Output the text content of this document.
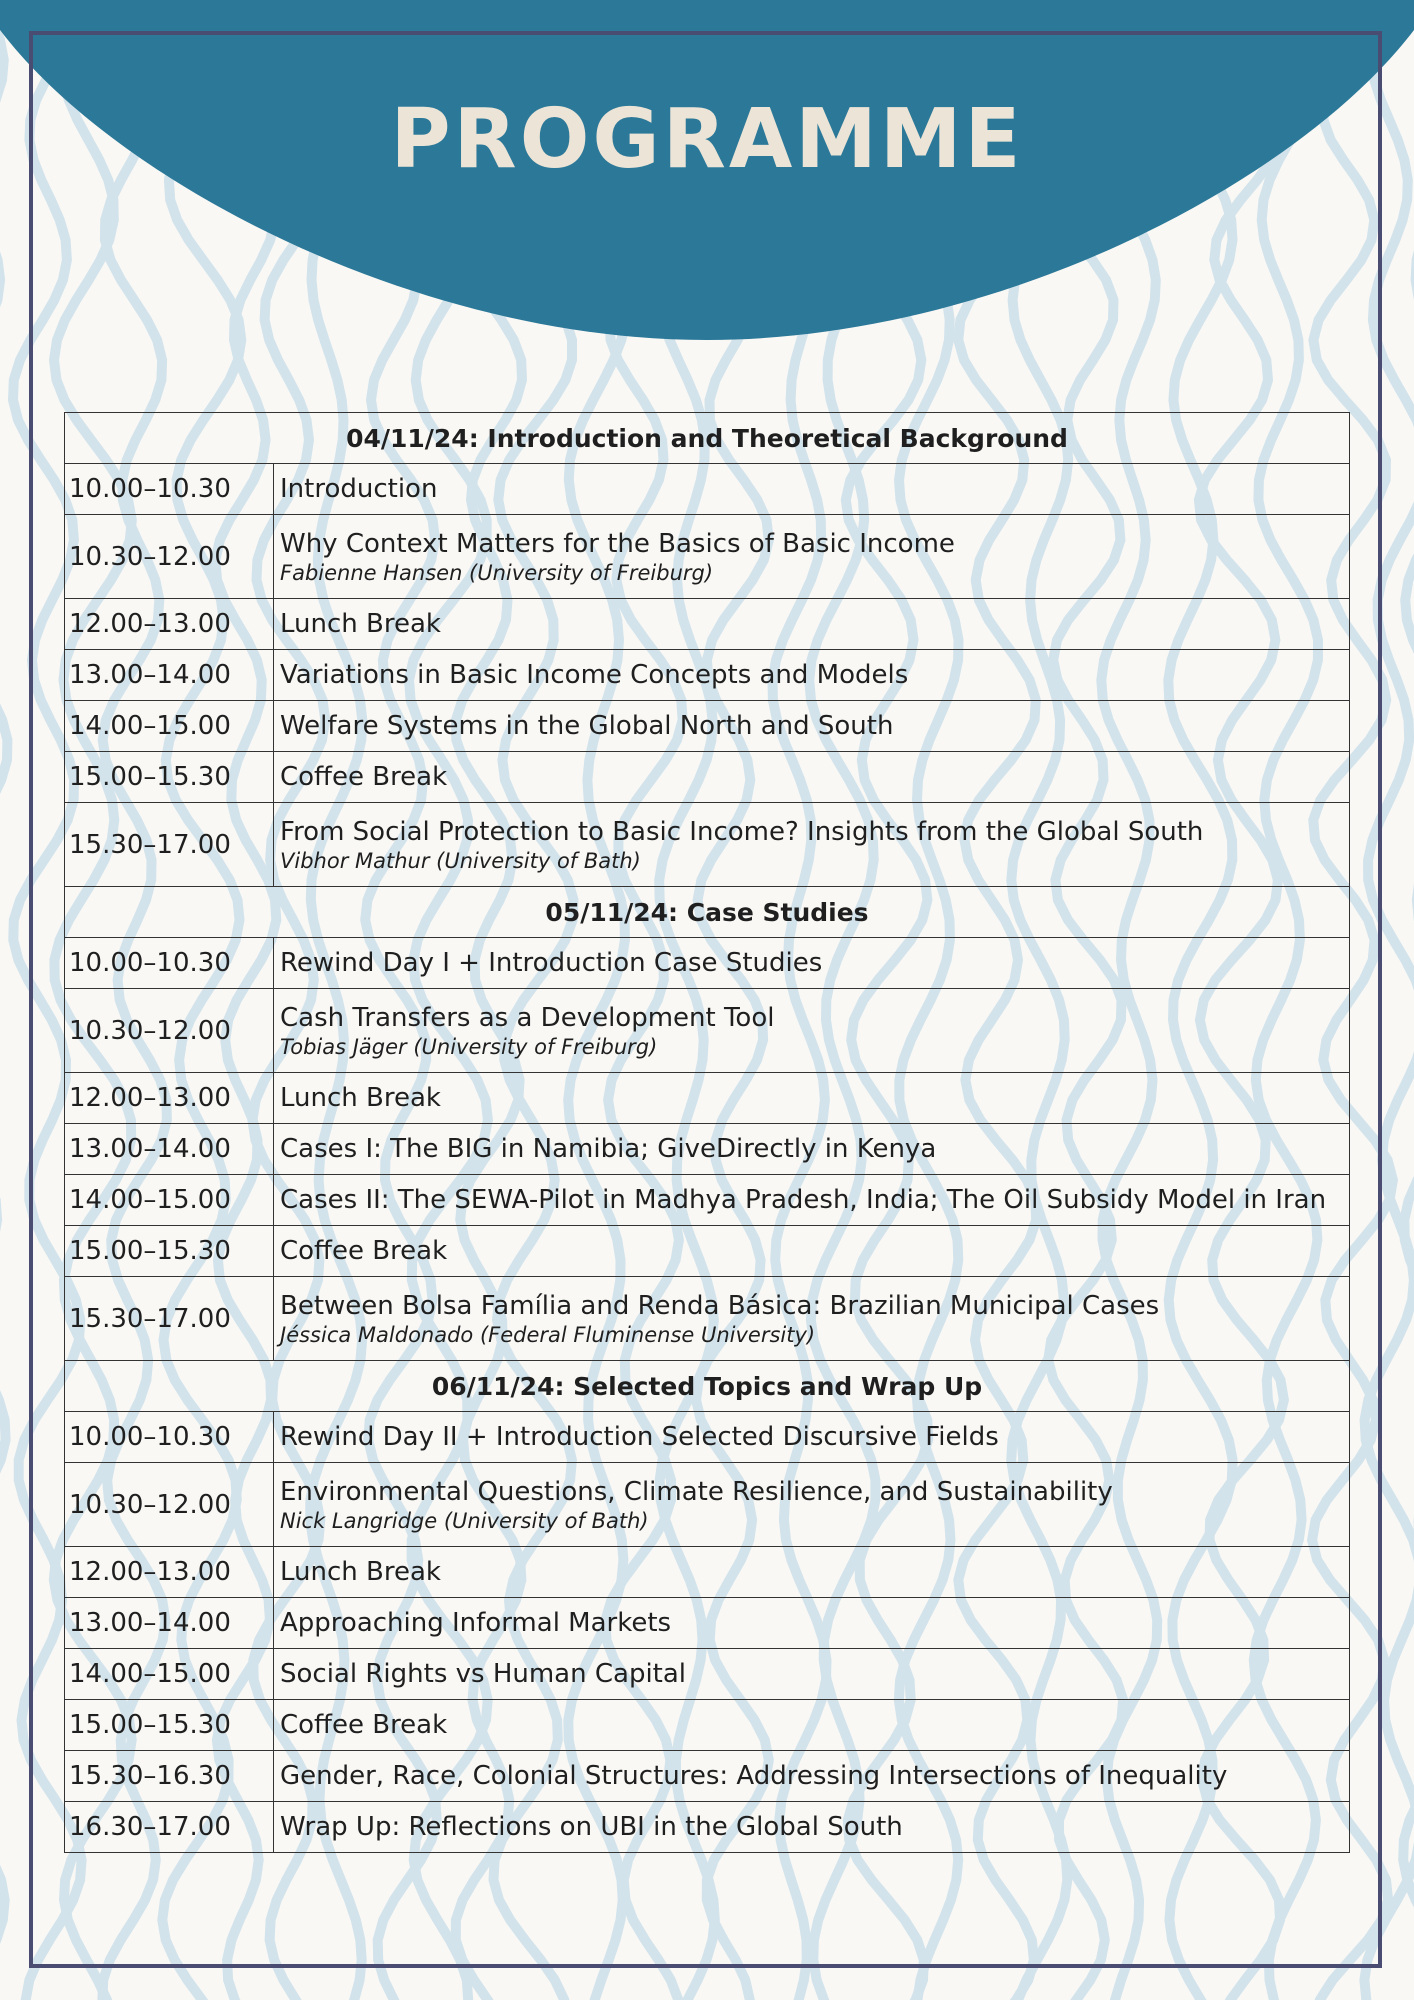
PROGRAMME
04/11/24: Introduction and Theoretical Background	
10.00–10.30	Introduction
10.30–12.00	Why Context Matters for the Basics of Basic Income
Fabienne Hansen (University of Freiburg)

12.00–13.00	Lunch Break
13.00–14.00	Variations in Basic Income Concepts and Models
14.00–15.00	Welfare Systems in the Global North and South
15.00–15.30	Coffee Break
15.30–17.00	From Social Protection to Basic Income? Insights from the Global South
Vibhor Mathur (University of Bath)

05/11/24: Case Studies	
10.00–10.30	Rewind Day I + Introduction Case Studies
10.30–12.00	Cash Transfers as a Development Tool
Tobias Jäger (University of Freiburg)

12.00–13.00	Lunch Break
13.00–14.00	Cases I: The BIG in Namibia; GiveDirectly in Kenya
14.00–15.00	Cases II: The SEWA-Pilot in Madhya Pradesh, India; The Oil Subsidy Model in Iran
15.00–15.30	Coffee Break
15.30–17.00	Between Bolsa Família and Renda Básica: Brazilian Municipal Cases
Jéssica Maldonado (Federal Fluminense University)

06/11/24: Selected Topics and Wrap Up	
10.00–10.30	Rewind Day II + Introduction Selected Discursive Fields
10.30–12.00	Environmental Questions, Climate Resilience, and Sustainability
Nick Langridge (University of Bath)

12.00–13.00	Lunch Break
13.00–14.00	Approaching Informal Markets
14.00–15.00	Social Rights vs Human Capital
15.00–15.30	Coffee Break
15.30–16.30	Gender, Race, Colonial Structures: Addressing Intersections of Inequality
16.30–17.00	Wrap Up: Reflections on UBI in the Global South
